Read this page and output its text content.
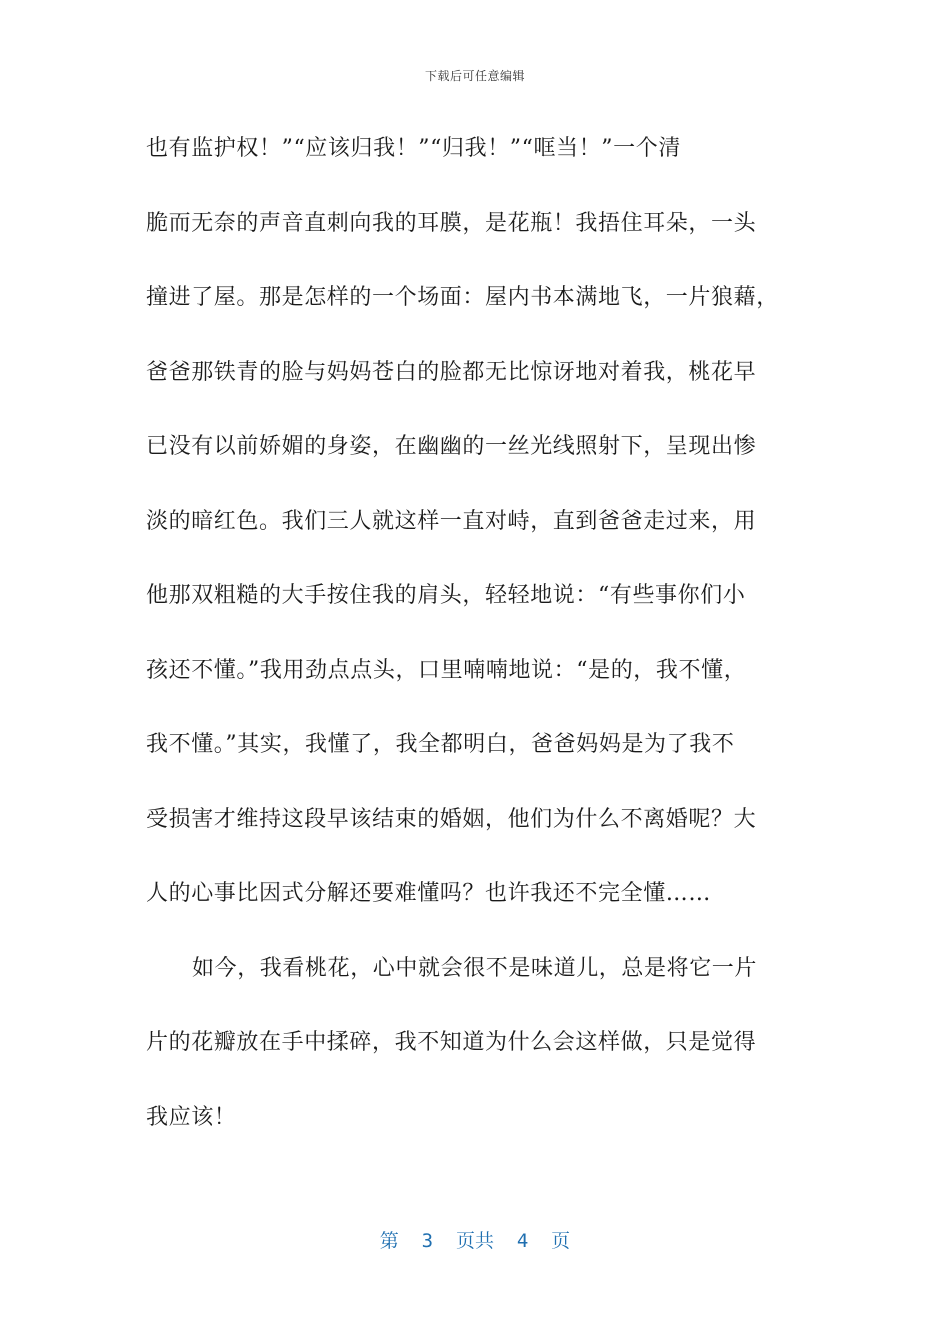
下载后可任意编辑
也有监护权！”“应该归我！”“归我！”“哐当！”一个清
脆而无奈的声音直刺向我的耳膜，是花瓶！我捂住耳朵，一头
撞进了屋。那是怎样的一个场面：屋内书本满地飞，一片狼藉，
爸爸那铁青的脸与妈妈苍白的脸都无比惊讶地对着我，桃花早
已没有以前娇媚的身姿，在幽幽的一丝光线照射下，呈现出惨
淡的暗红色。我们三人就这样一直对峙，直到爸爸走过来，用
他那双粗糙的大手按住我的肩头，轻轻地说：“有些事你们小
孩还不懂。”我用劲点点头，口里喃喃地说：“是的，我不懂，
我不懂。”其实，我懂了，我全都明白，爸爸妈妈是为了我不
受损害才维持这段早该结束的婚姻，他们为什么不离婚呢？大
人的心事比因式分解还要难懂吗？也许我还不完全懂……
如今，我看桃花，心中就会很不是味道儿，总是将它一片
片的花瓣放在手中揉碎，我不知道为什么会这样做，只是觉得
我应该！
第  3  页共  4  页
